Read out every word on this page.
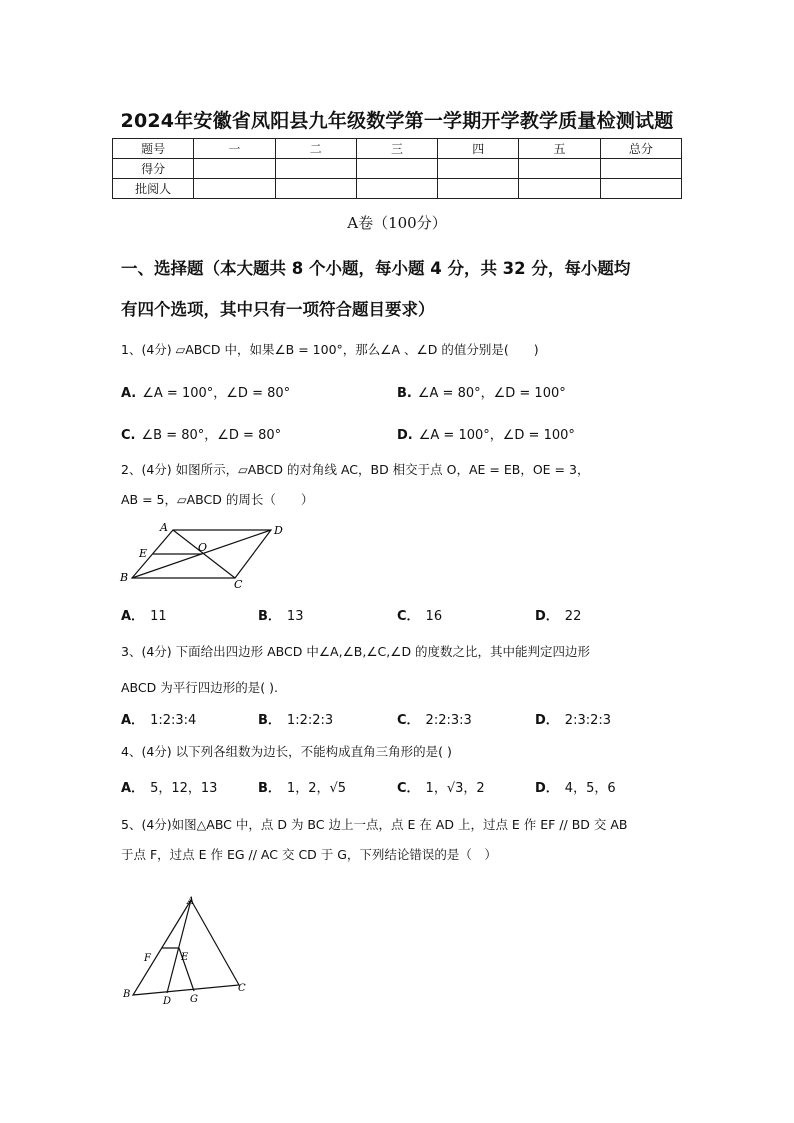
2024年安徽省凤阳县九年级数学第一学期开学教学质量检测试题
题号	一	二	三	四	五	总分
得分						
批阅人						
A卷（100分）
一、选择题（本大题共 8 个小题，每小题 4 分，共 32 分，每小题均
有四个选项，其中只有一项符合题目要求）
1、(4分) ▱ABCD 中，如果∠B = 100°，那么∠A 、∠D 的值分别是(　　)
A. ∠A = 100°，∠D = 80°	B. ∠A = 80°，∠D = 100°
C. ∠B = 80°，∠D = 80°	D. ∠A = 100°，∠D = 100°
2、(4分) 如图所示，▱ABCD 的对角线 AC，BD 相交于点 O，AE = EB，OE = 3，
AB = 5，▱ABCD 的周长（　　）
A	D
E	O
B
C
A． 11	B． 13	C． 16	D． 22
3、(4分) 下面给出四边形 ABCD 中∠A,∠B,∠C,∠D 的度数之比，其中能判定四边形
ABCD 为平行四边形的是( ).
A． 1:2:3:4	B． 1:2:2:3	C． 2:2:3:3	D． 2:3:2:3
4、(4分) 以下列各组数为边长，不能构成直角三角形的是( )
A． 5，12，13	B． 1，2，√5	C． 1，√3，2	D． 4，5，6
5、(4分)如图△ABC 中，点 D 为 BC 边上一点，点 E 在 AD 上，过点 E 作 EF // BD 交 AB
于点 F，过点 E 作 EG // AC 交 CD 于 G，下列结论错误的是（　）
A
F	E
B
D G
C
